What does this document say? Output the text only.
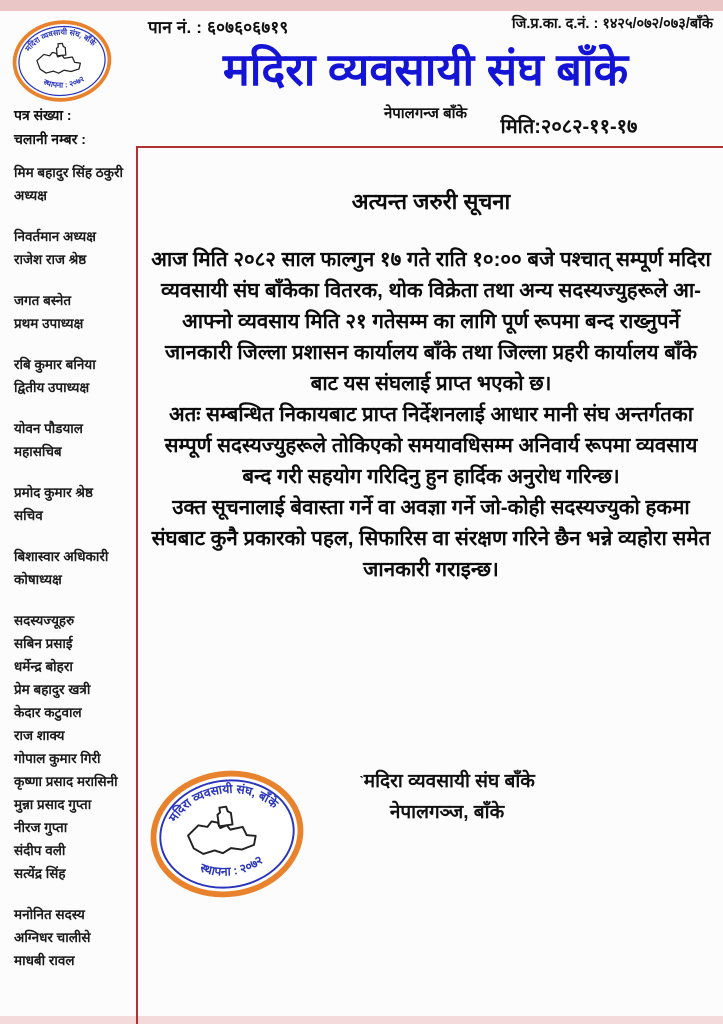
मदिरा व्यवसायी संघ, बाँके
स्थापना : २०७२
पान नं. : ६०७६०६७१९	जि.प्र.का. द.नं. : १४२५/०७२/०७३/बाँके
मदिरा व्यवसायी संघ बाँके
नेपालगन्ज बाँके
पत्र संख्या :
चलानी नम्बर :
मिति:२०८२-११-१७
मिम बहादुर सिंह ठकुरी
अध्यक्ष
निवर्तमान अध्यक्ष
राजेश राज श्रेष्ठ
जगत बस्नेत
प्रथम उपाध्यक्ष
रबि कुमार बनिया
द्वितीय उपाध्यक्ष
योवन पौडयाल
महासचिब
प्रमोद कुमार श्रेष्ठ
सचिव
बिशास्वार अधिकारी
कोषाध्यक्ष
सदस्यज्यूहरु
सबिन प्रसाई
धर्मेन्द्र बोहरा
प्रेम बहादुर खत्री
केदार कटुवाल
राज शाक्य
गोपाल कुमार गिरी
कृष्णा प्रसाद मरासिनी
मुन्ना प्रसाद गुप्ता
नीरज गुप्ता
संदीप वली
सत्येंद्र सिंह
मनोनित सदस्य
अग्निधर चालीसे
माधबी रावल
अत्यन्त जरुरी सूचना

आज मिति २०८२ साल फाल्गुन १७ गते राति १०:०० बजे पश्चात् सम्पूर्ण मदिरा व्यवसायी संघ बाँकेका वितरक, थोक विक्रेता तथा अन्य सदस्यज्युहरूले आ-आफ्नो व्यवसाय मिति २१ गतेसम्म का लागि पूर्ण रूपमा बन्द राख्नुपर्ने जानकारी जिल्ला प्रशासन कार्यालय बाँके तथा जिल्ला प्रहरी कार्यालय बाँके बाट यस संघलाई प्राप्त भएको छ।

अतः सम्बन्धित निकायबाट प्राप्त निर्देशनलाई आधार मानी संघ अन्तर्गतका सम्पूर्ण सदस्यज्युहरूले तोकिएको समयावधिसम्म अनिवार्य रूपमा व्यवसाय बन्द गरी सहयोग गरिदिनु हुन हार्दिक अनुरोध गरिन्छ।

उक्त सूचनालाई बेवास्ता गर्ने वा अवज्ञा गर्ने जो-कोही सदस्यज्युको हकमा संघबाट कुनै प्रकारको पहल, सिफारिस वा संरक्षण गरिने छैन भन्ने व्यहोरा समेत जानकारी गराइन्छ।

मदिरा व्यवसायी संघ, बाँके
स्थापना : २०७२
$^ˋ$मदिरा व्यवसायी संघ बाँके
नेपालगञ्ज, बाँके
